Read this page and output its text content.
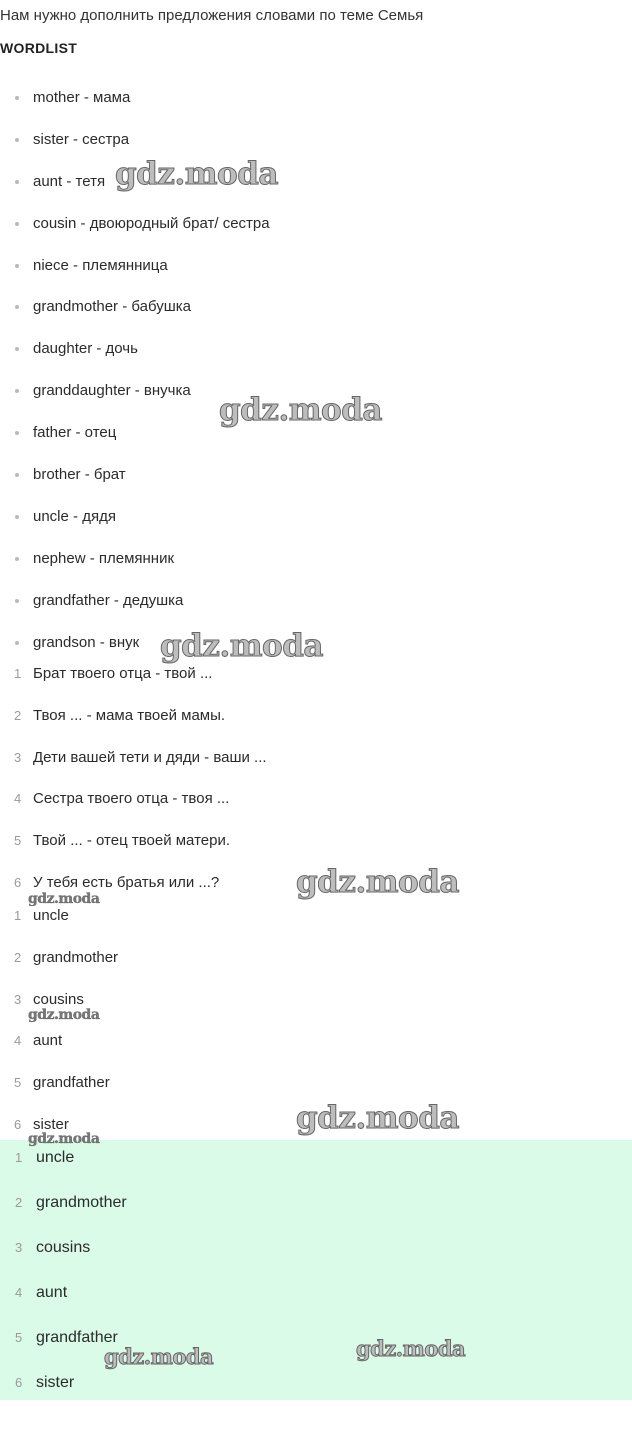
Нам нужно дополнить предложения словами по теме Семья
WORDLIST
mother - мама
sister - сестра
aunt - тетя
cousin - двоюродный брат/ сестра
niece - племянница
grandmother - бабушка
daughter - дочь
granddaughter - внучка
father - отец
brother - брат
uncle - дядя
nephew - племянник
grandfather - дедушка
grandson - внук
1 Брат твоего отца - твой ...
2 Твоя ... - мама твоей мамы.
3 Дети вашей тети и дяди - ваши ...
4 Сестра твоего отца - твоя ...
5 Твой ... - отец твоей матери.
6 У тебя есть братья или ...?
1 uncle
2 grandmother
3 cousins
4 aunt
5 grandfather
6 sister
1 uncle
2 grandmother
3 cousins
4 aunt
5 grandfather
6 sister
gdz.moda
gdz.moda
gdz.moda
gdz.moda
gdz.moda
gdz.moda
gdz.moda
gdz.moda
gdz.moda	gdz.moda
